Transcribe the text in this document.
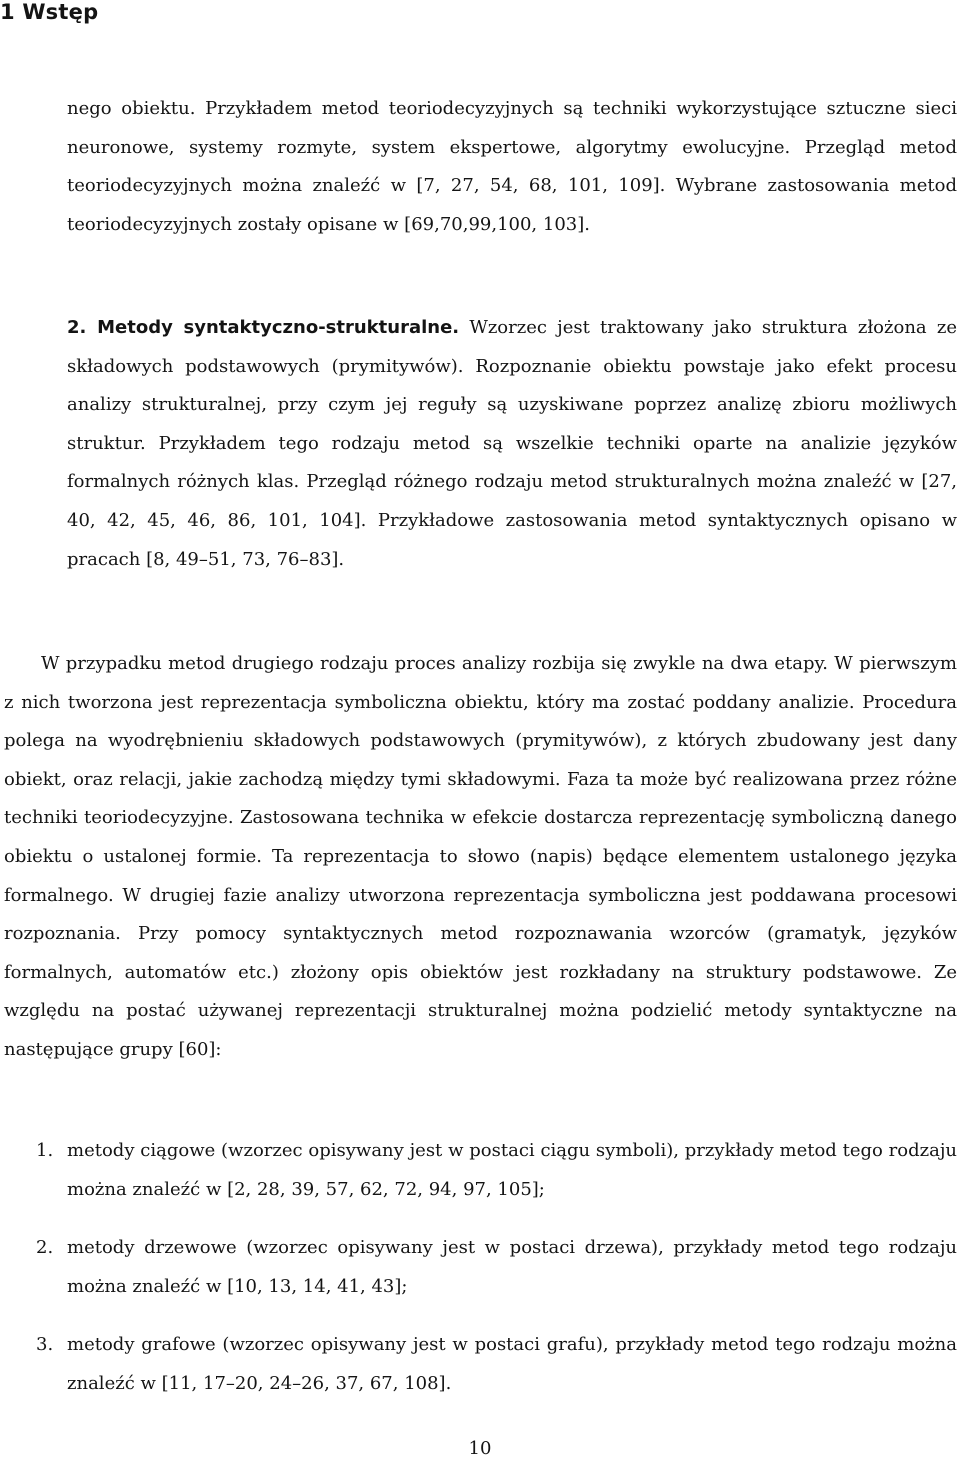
1 Wstęp
nego obiektu. Przykładem metod teoriodecyzyjnych są techniki wykorzystujące sztuczne sieci neuronowe, systemy rozmyte, system ekspertowe, algorytmy ewolucyjne. Przegląd metod teoriodecyzyjnych można znaleźć w [7, 27, 54, 68, 101, 109]. Wybrane zastosowania metod teoriodecyzyjnych zostały opisane w [69,70,99,100, 103].
2. Metody syntaktyczno-strukturalne. Wzorzec jest traktowany jako struktura złożona ze składowych podstawowych (prymitywów). Rozpoznanie obiektu powstaje jako efekt procesu analizy strukturalnej, przy czym jej reguły są uzyskiwane poprzez analizę zbioru możliwych struktur. Przykładem tego rodzaju metod są wszelkie techniki oparte na analizie języków formalnych różnych klas. Przegląd różnego rodzaju metod strukturalnych można znaleźć w [27, 40, 42, 45, 46, 86, 101, 104]. Przykładowe zastosowania metod syntaktycznych opisano w pracach [8, 49–51, 73, 76–83].
W przypadku metod drugiego rodzaju proces analizy rozbija się zwykle na dwa etapy. W pierwszym z nich tworzona jest reprezentacja symboliczna obiektu, który ma zostać poddany analizie. Procedura polega na wyodrębnieniu składowych podstawowych (prymitywów), z których zbudowany jest dany obiekt, oraz relacji, jakie zachodzą między tymi składowymi. Faza ta może być realizowana przez różne techniki teoriodecyzyjne. Zastosowana technika w efekcie dostarcza reprezentację symboliczną danego obiektu o ustalonej formie. Ta reprezentacja to słowo (napis) będące elementem ustalonego języka formalnego. W drugiej fazie analizy utworzona reprezentacja symboliczna jest poddawana procesowi rozpoznania. Przy pomocy syntaktycznych metod rozpoznawania wzorców (gramatyk, języków formalnych, automatów etc.) złożony opis obiektów jest rozkładany na struktury podstawowe. Ze względu na postać używanej reprezentacji strukturalnej można podzielić metody syntaktyczne na następujące grupy [60]:
1. metody ciągowe (wzorzec opisywany jest w postaci ciągu symboli), przykłady metod tego rodzaju można znaleźć w [2, 28, 39, 57, 62, 72, 94, 97, 105];
2. metody drzewowe (wzorzec opisywany jest w postaci drzewa), przykłady metod tego rodzaju można znaleźć w [10, 13, 14, 41, 43];
3. metody grafowe (wzorzec opisywany jest w postaci grafu), przykłady metod tego rodzaju można znaleźć w [11, 17–20, 24–26, 37, 67, 108].
10
